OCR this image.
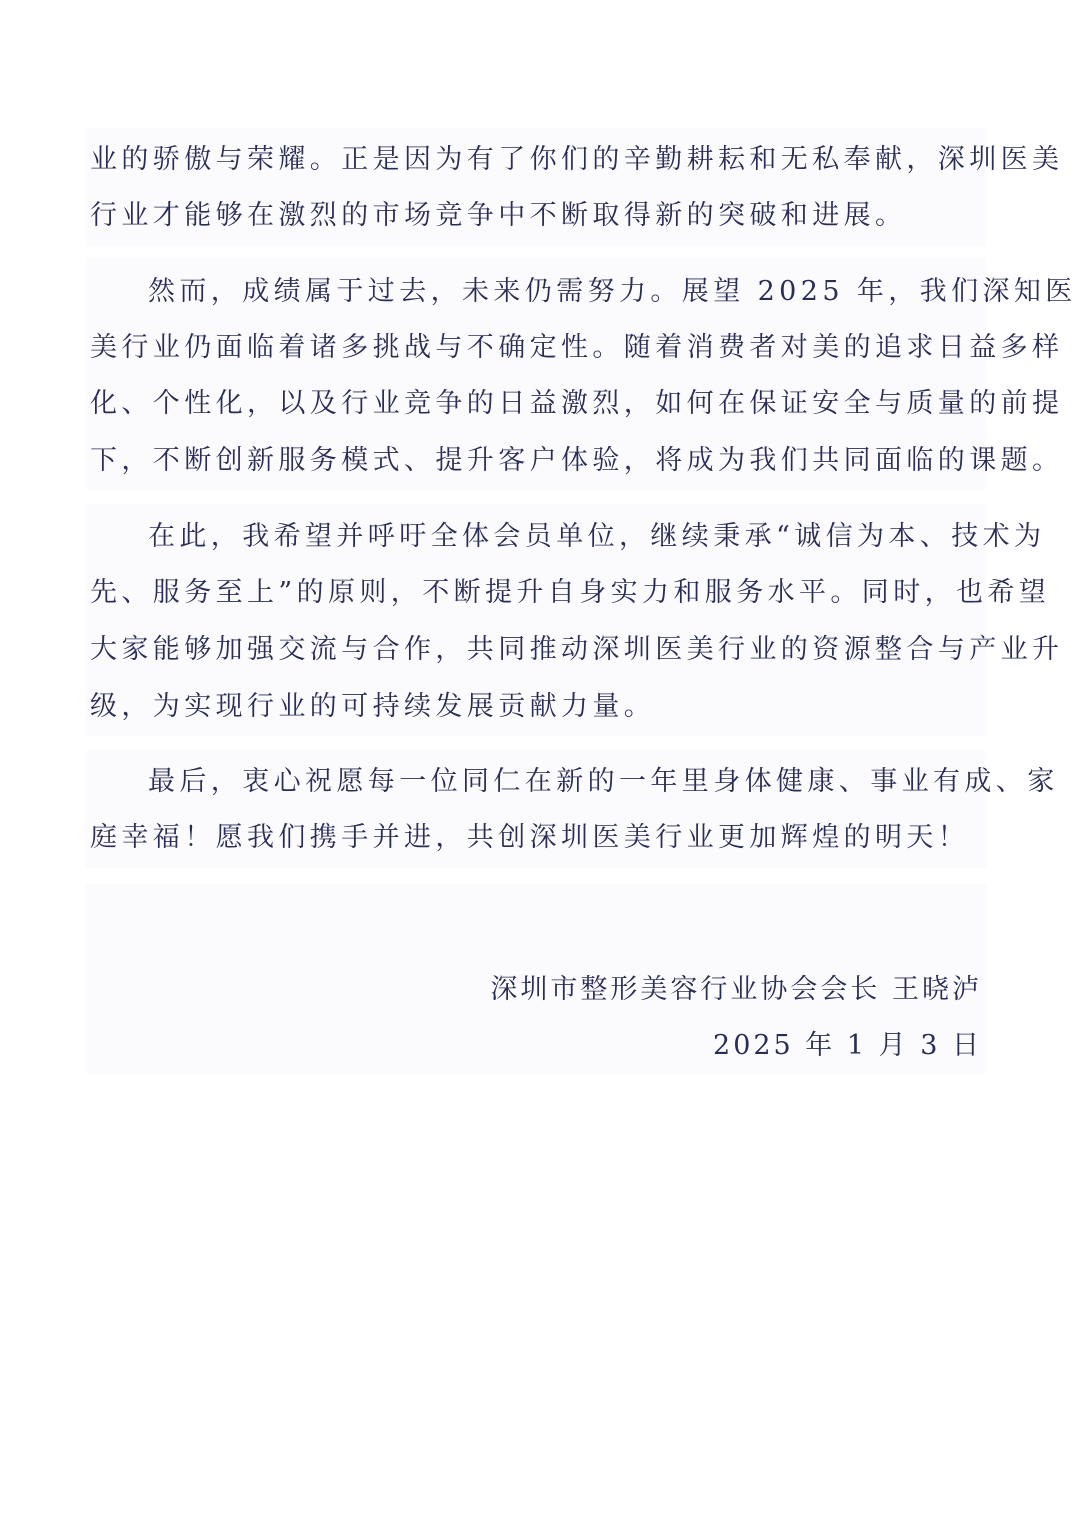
业的骄傲与荣耀。正是因为有了你们的辛勤耕耘和无私奉献，深圳医美
行业才能够在激烈的市场竞争中不断取得新的突破和进展。
然而，成绩属于过去，未来仍需努力。展望 2025 年，我们深知医
美行业仍面临着诸多挑战与不确定性。随着消费者对美的追求日益多样
化、个性化，以及行业竞争的日益激烈，如何在保证安全与质量的前提
下，不断创新服务模式、提升客户体验，将成为我们共同面临的课题。
在此，我希望并呼吁全体会员单位，继续秉承“诚信为本、技术为
先、服务至上”的原则，不断提升自身实力和服务水平。同时，也希望
大家能够加强交流与合作，共同推动深圳医美行业的资源整合与产业升
级，为实现行业的可持续发展贡献力量。
最后，衷心祝愿每一位同仁在新的一年里身体健康、事业有成、家
庭幸福！愿我们携手并进，共创深圳医美行业更加辉煌的明天！
深圳市整形美容行业协会会长 王晓泸
2025 年 1 月 3 日
